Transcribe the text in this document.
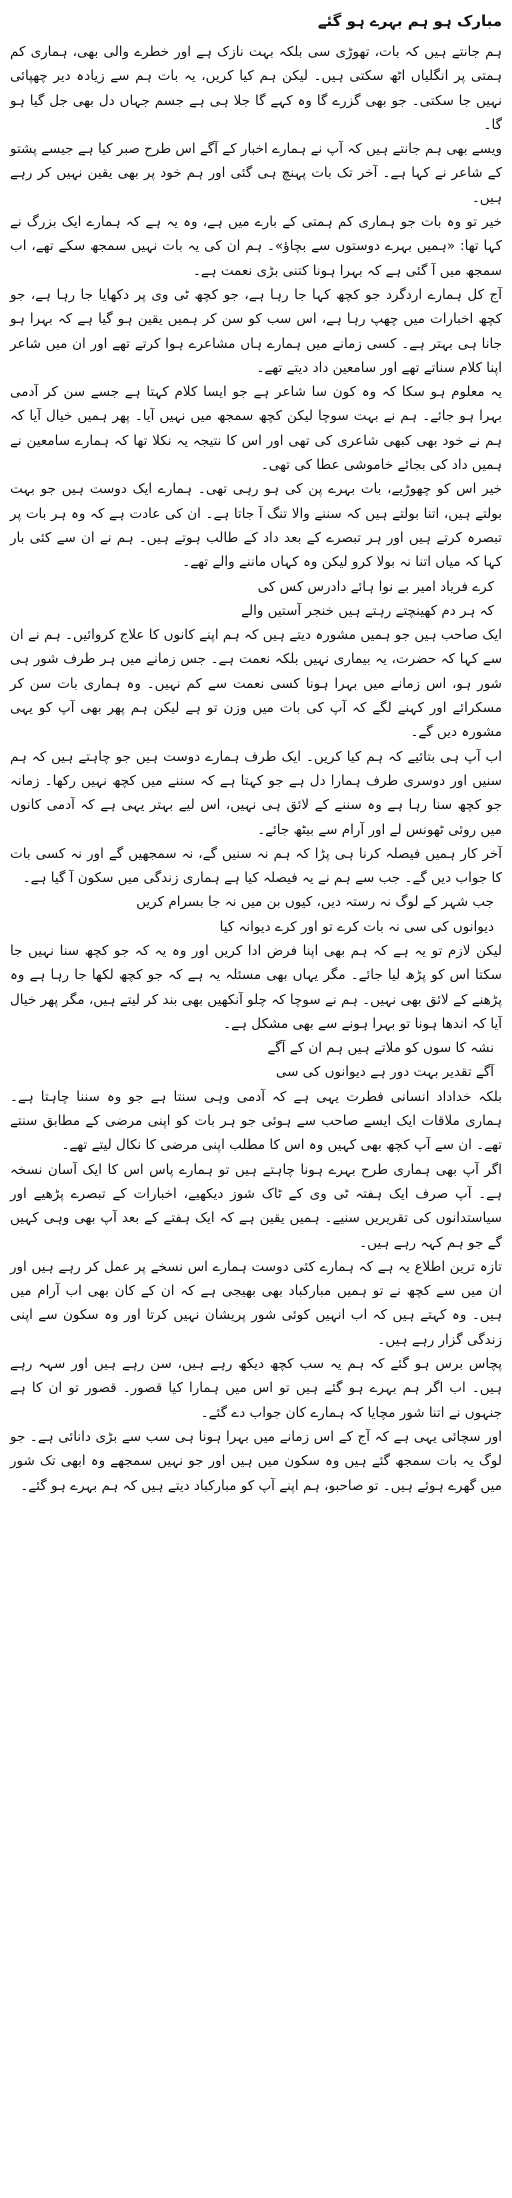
مبارک ہو ہم بہرے ہو گئے

ہم جانتے ہیں کہ بات، تھوڑی سی بلکہ بہت نازک ہے اور خطرے والی بھی، ہماری کم ہمتی پر انگلیاں اٹھ سکتی ہیں۔ لیکن ہم کیا کریں، یہ بات ہم سے زیادہ دیر چھپائی نہیں جا سکتی۔ جو بھی گزرے گا وہ کہے گا جلا ہی ہے جسم جہاں دل بھی جل گیا ہو گا۔

ویسے بھی ہم جانتے ہیں کہ آپ نے ہمارے اخبار کے آگے اس طرح صبر کیا ہے جیسے پشتو کے شاعر نے کہا ہے۔ آخر تک بات پہنچ ہی گئی اور ہم خود پر بھی یقین نہیں کر رہے ہیں۔

خیر تو وہ بات جو ہماری کم ہمتی کے بارے میں ہے، وہ یہ ہے کہ ہمارے ایک بزرگ نے کہا تھا: «ہمیں بہرے دوستوں سے بچاؤ»۔ ہم ان کی یہ بات نہیں سمجھ سکے تھے، اب سمجھ میں آ گئی ہے کہ بہرا ہونا کتنی بڑی نعمت ہے۔

آج کل ہمارے اردگرد جو کچھ کہا جا رہا ہے، جو کچھ ٹی وی پر دکھایا جا رہا ہے، جو کچھ اخبارات میں چھپ رہا ہے، اس سب کو سن کر ہمیں یقین ہو گیا ہے کہ بہرا ہو جانا ہی بہتر ہے۔ کسی زمانے میں ہمارے ہاں مشاعرے ہوا کرتے تھے اور ان میں شاعر اپنا کلام سناتے تھے اور سامعین داد دیتے تھے۔

یہ معلوم ہو سکا کہ وہ کون سا شاعر ہے جو ایسا کلام کہتا ہے جسے سن کر آدمی بہرا ہو جائے۔ ہم نے بہت سوچا لیکن کچھ سمجھ میں نہیں آیا۔ پھر ہمیں خیال آیا کہ ہم نے خود بھی کبھی شاعری کی تھی اور اس کا نتیجہ یہ نکلا تھا کہ ہمارے سامعین نے ہمیں داد کی بجائے خاموشی عطا کی تھی۔

خیر اس کو چھوڑیے، بات بہرے پن کی ہو رہی تھی۔ ہمارے ایک دوست ہیں جو بہت بولتے ہیں، اتنا بولتے ہیں کہ سننے والا تنگ آ جاتا ہے۔ ان کی عادت ہے کہ وہ ہر بات پر تبصرہ کرتے ہیں اور ہر تبصرے کے بعد داد کے طالب ہوتے ہیں۔ ہم نے ان سے کئی بار کہا کہ میاں اتنا نہ بولا کرو لیکن وہ کہاں ماننے والے تھے۔

کرے فریاد امیر بے نوا ہائے دادرس کس کی

کہ ہر دم کھینچتے رہتے ہیں خنجر آستیں والے

ایک صاحب ہیں جو ہمیں مشورہ دیتے ہیں کہ ہم اپنے کانوں کا علاج کروائیں۔ ہم نے ان سے کہا کہ حضرت، یہ بیماری نہیں بلکہ نعمت ہے۔ جس زمانے میں ہر طرف شور ہی شور ہو، اس زمانے میں بہرا ہونا کسی نعمت سے کم نہیں۔ وہ ہماری بات سن کر مسکرائے اور کہنے لگے کہ آپ کی بات میں وزن تو ہے لیکن ہم پھر بھی آپ کو یہی مشورہ دیں گے۔

اب آپ ہی بتائیے کہ ہم کیا کریں۔ ایک طرف ہمارے دوست ہیں جو چاہتے ہیں کہ ہم سنیں اور دوسری طرف ہمارا دل ہے جو کہتا ہے کہ سننے میں کچھ نہیں رکھا۔ زمانہ جو کچھ سنا رہا ہے وہ سننے کے لائق ہی نہیں، اس لیے بہتر یہی ہے کہ آدمی کانوں میں روئی ٹھونس لے اور آرام سے بیٹھ جائے۔

آخر کار ہمیں فیصلہ کرنا ہی پڑا کہ ہم نہ سنیں گے، نہ سمجھیں گے اور نہ کسی بات کا جواب دیں گے۔ جب سے ہم نے یہ فیصلہ کیا ہے ہماری زندگی میں سکون آ گیا ہے۔

جب شہر کے لوگ نہ رستہ دیں، کیوں بن میں نہ جا بسرام کریں

دیوانوں کی سی نہ بات کرے تو اور کرے دیوانہ کیا

لیکن لازم تو یہ ہے کہ ہم بھی اپنا فرض ادا کریں اور وہ یہ کہ جو کچھ سنا نہیں جا سکتا اس کو پڑھ لیا جائے۔ مگر یہاں بھی مسئلہ یہ ہے کہ جو کچھ لکھا جا رہا ہے وہ پڑھنے کے لائق بھی نہیں۔ ہم نے سوچا کہ چلو آنکھیں بھی بند کر لیتے ہیں، مگر پھر خیال آیا کہ اندھا ہونا تو بہرا ہونے سے بھی مشکل ہے۔

نشہ کا سوں کو ملاتے ہیں ہم ان کے آگے

آگے تقدیر بہت دور ہے دیوانوں کی سی

بلکہ خداداد انسانی فطرت یہی ہے کہ آدمی وہی سنتا ہے جو وہ سننا چاہتا ہے۔ ہماری ملاقات ایک ایسے صاحب سے ہوئی جو ہر بات کو اپنی مرضی کے مطابق سنتے تھے۔ ان سے آپ کچھ بھی کہیں وہ اس کا مطلب اپنی مرضی کا نکال لیتے تھے۔

اگر آپ بھی ہماری طرح بہرے ہونا چاہتے ہیں تو ہمارے پاس اس کا ایک آسان نسخہ ہے۔ آپ صرف ایک ہفتہ ٹی وی کے ٹاک شوز دیکھیے، اخبارات کے تبصرے پڑھیے اور سیاستدانوں کی تقریریں سنیے۔ ہمیں یقین ہے کہ ایک ہفتے کے بعد آپ بھی وہی کہیں گے جو ہم کہہ رہے ہیں۔

تازہ ترین اطلاع یہ ہے کہ ہمارے کئی دوست ہمارے اس نسخے پر عمل کر رہے ہیں اور ان میں سے کچھ نے تو ہمیں مبارکباد بھی بھیجی ہے کہ ان کے کان بھی اب آرام میں ہیں۔ وہ کہتے ہیں کہ اب انہیں کوئی شور پریشان نہیں کرتا اور وہ سکون سے اپنی زندگی گزار رہے ہیں۔

پچاس برس ہو گئے کہ ہم یہ سب کچھ دیکھ رہے ہیں، سن رہے ہیں اور سہہ رہے ہیں۔ اب اگر ہم بہرے ہو گئے ہیں تو اس میں ہمارا کیا قصور۔ قصور تو ان کا ہے جنہوں نے اتنا شور مچایا کہ ہمارے کان جواب دے گئے۔

اور سچائی یہی ہے کہ آج کے اس زمانے میں بہرا ہونا ہی سب سے بڑی دانائی ہے۔ جو لوگ یہ بات سمجھ گئے ہیں وہ سکون میں ہیں اور جو نہیں سمجھے وہ ابھی تک شور میں گھرے ہوئے ہیں۔ تو صاحبو، ہم اپنے آپ کو مبارکباد دیتے ہیں کہ ہم بہرے ہو گئے۔
